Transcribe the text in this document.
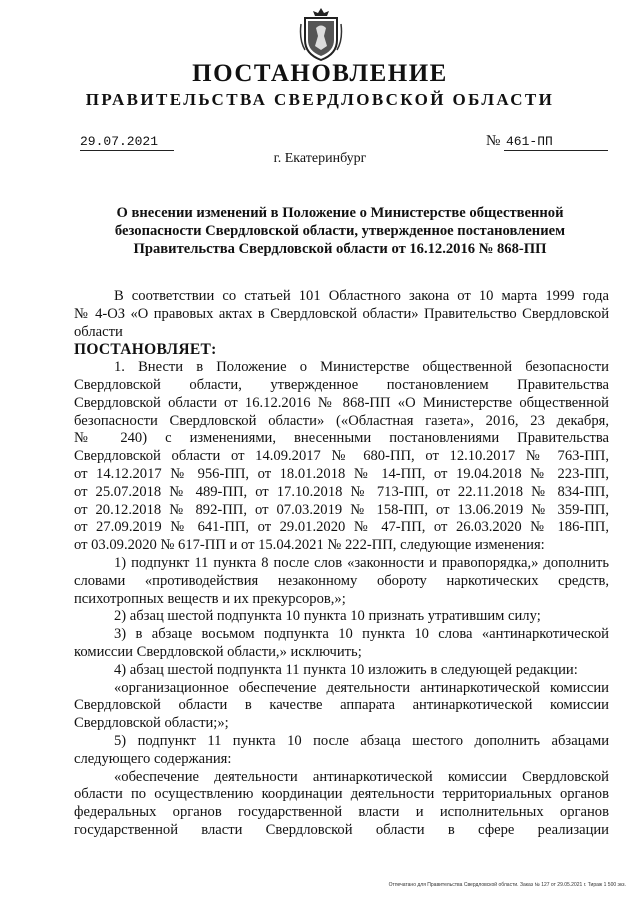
ПОСТАНОВЛЕНИЕ
ПРАВИТЕЛЬСТВА СВЕРДЛОВСКОЙ ОБЛАСТИ
29.07.2021	№ 461-ПП
г. Екатеринбург
О внесении изменений в Положение о Министерстве общественной
безопасности Свердловской области, утвержденное постановлением
Правительства Свердловской области от 16.12.2016 № 868-ПП
В соответствии со статьей 101 Областного закона от 10 марта 1999 года
№ 4-ОЗ «О правовых актах в Свердловской области» Правительство Свердловской
области
ПОСТАНОВЛЯЕТ:
1. Внести в Положение о Министерстве общественной безопасности
Свердловской области, утвержденное постановлением Правительства
Свердловской области от 16.12.2016 № 868-ПП «О Министерстве общественной
безопасности Свердловской области» («Областная газета», 2016, 23 декабря,
№ 240) с изменениями, внесенными постановлениями Правительства
Свердловской области от 14.09.2017 № 680-ПП, от 12.10.2017 № 763-ПП,
от 14.12.2017 № 956-ПП, от 18.01.2018 № 14-ПП, от 19.04.2018 № 223-ПП,
от 25.07.2018 № 489-ПП, от 17.10.2018 № 713-ПП, от 22.11.2018 № 834-ПП,
от 20.12.2018 № 892-ПП, от 07.03.2019 № 158-ПП, от 13.06.2019 № 359-ПП,
от 27.09.2019 № 641-ПП, от 29.01.2020 № 47-ПП, от 26.03.2020 № 186-ПП,
от 03.09.2020 № 617-ПП и от 15.04.2021 № 222-ПП, следующие изменения:
1) подпункт 11 пункта 8 после слов «законности и правопорядка,» дополнить
словами «противодействия незаконному обороту наркотических средств,
психотропных веществ и их прекурсоров,»;
2) абзац шестой подпункта 10 пункта 10 признать утратившим силу;
3) в абзаце восьмом подпункта 10 пункта 10 слова «антинаркотической
комиссии Свердловской области,» исключить;
4) абзац шестой подпункта 11 пункта 10 изложить в следующей редакции:
«организационное обеспечение деятельности антинаркотической комиссии
Свердловской области в качестве аппарата антинаркотической комиссии
Свердловской области;»;
5) подпункт 11 пункта 10 после абзаца шестого дополнить абзацами
следующего содержания:
«обеспечение деятельности антинаркотической комиссии Свердловской
области по осуществлению координации деятельности территориальных органов
федеральных органов государственной власти и исполнительных органов
государственной власти Свердловской области в сфере реализации
Отпечатано для Правительства Свердловской области. Заказ № 127 от 29.05.2021 г. Тираж 1 500 экз.
